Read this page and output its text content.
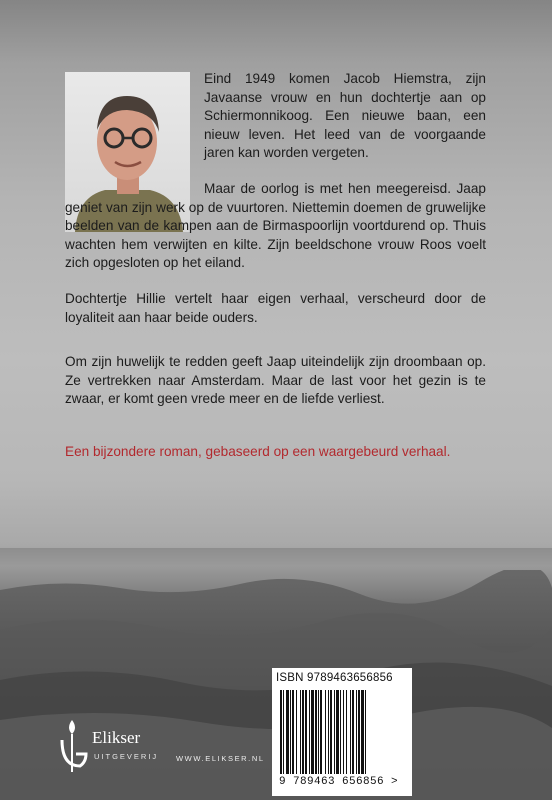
Eind 1949 komen Jacob Hiemstra, zijn Javaanse vrouw en hun dochtertje aan op Schiermonnikoog. Een nieuwe baan, een nieuw leven. Het leed van de voorgaande jaren kan worden vergeten.
Maar de oorlog is met hen meegereisd. Jaap geniet van zijn werk op de vuurtoren. Niettemin doemen de gruwelijke beelden van de kampen aan de Birmaspoorlijn voortdurend op. Thuis wachten hem verwijten en kilte. Zijn beeldschone vrouw Roos voelt zich opgesloten op het eiland.
Dochtertje Hillie vertelt haar eigen verhaal, verscheurd door de loyaliteit aan haar beide ouders.
Om zijn huwelijk te redden geeft Jaap uiteindelijk zijn droombaan op. Ze vertrekken naar Amsterdam. Maar de last voor het gezin is te zwaar, er komt geen vrede meer en de liefde verliest.
Een bijzondere roman, gebaseerd op een waargebeurd verhaal.
Elikser
UITGEVERIJ WWW.ELIKSER.NL
ISBN 9789463656856
9 789463 656856 >
